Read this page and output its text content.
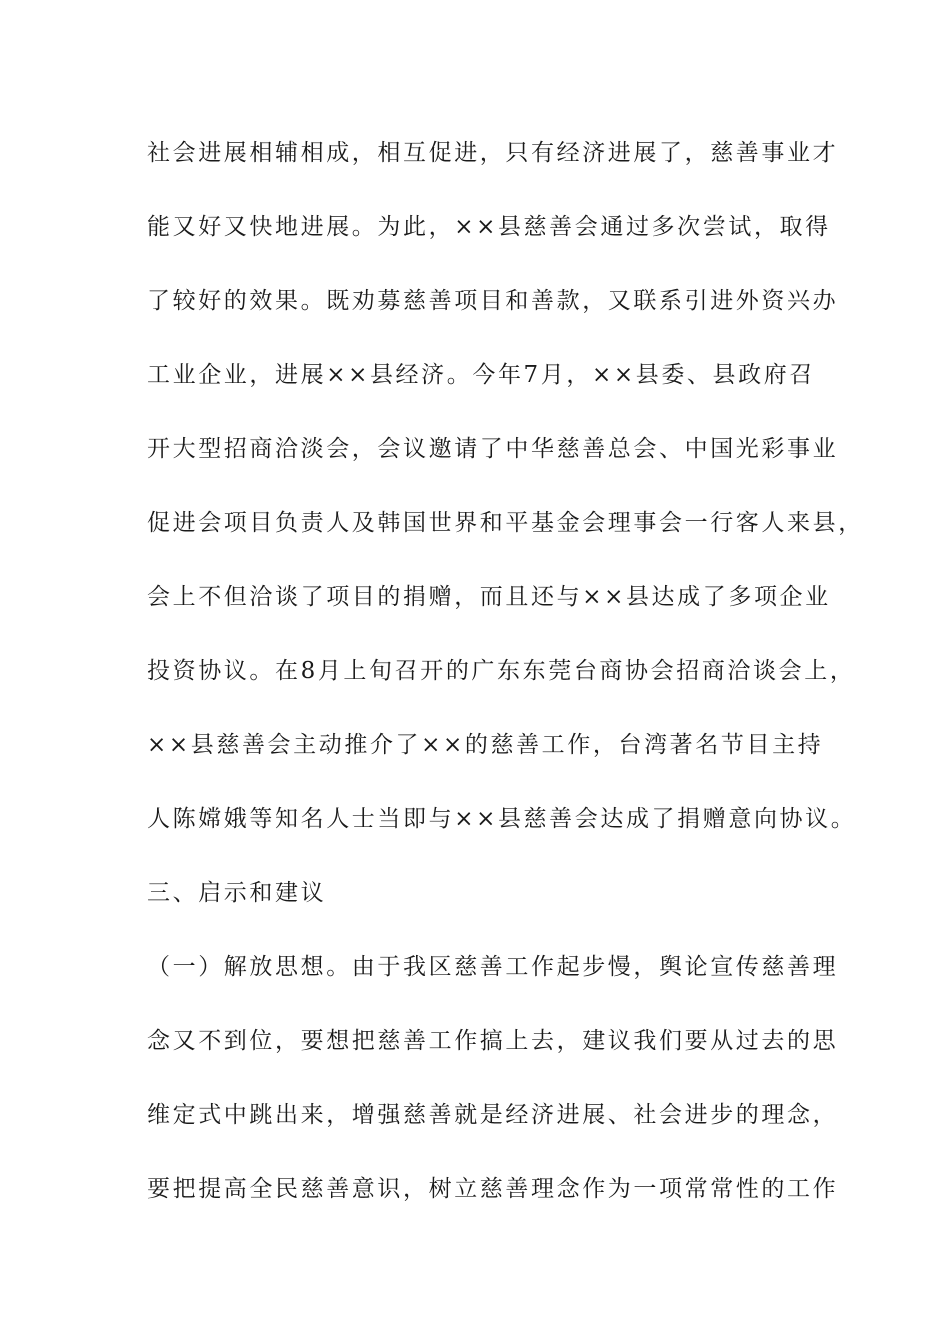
社会进展相辅相成，相互促进，只有经济进展了，慈善事业才
能又好又快地进展。为此，××县慈善会通过多次尝试，取得
了较好的效果。既劝募慈善项目和善款，又联系引进外资兴办
工业企业，进展××县经济。今年7月，××县委、县政府召
开大型招商洽淡会，会议邀请了中华慈善总会、中国光彩事业
促进会项目负责人及韩国世界和平基金会理事会一行客人来县，
会上不但洽谈了项目的捐赠，而且还与××县达成了多项企业
投资协议。在8月上旬召开的广东东莞台商协会招商洽谈会上，
××县慈善会主动推介了××的慈善工作，台湾著名节目主持
人陈嫦娥等知名人士当即与××县慈善会达成了捐赠意向协议。
三、启示和建议
（一）解放思想。由于我区慈善工作起步慢，舆论宣传慈善理
念又不到位，要想把慈善工作搞上去，建议我们要从过去的思
维定式中跳出来，增强慈善就是经济进展、社会进步的理念，
要把提高全民慈善意识，树立慈善理念作为一项常常性的工作
